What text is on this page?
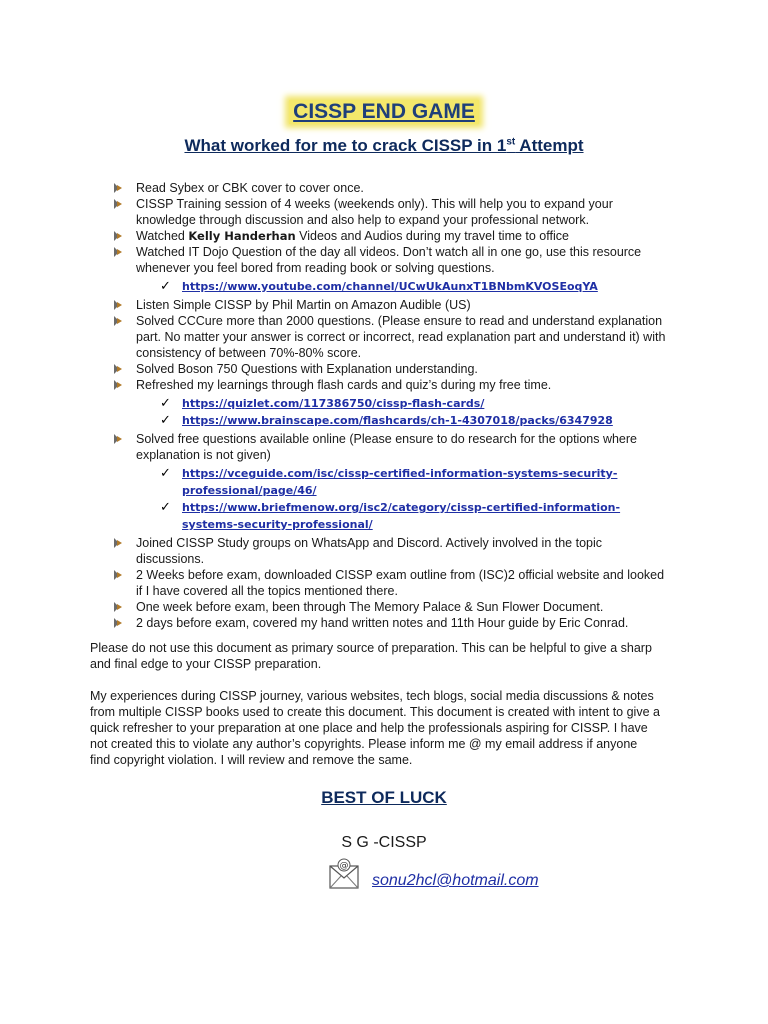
CISSP END GAME
What worked for me to crack CISSP in 1st Attempt
Read Sybex or CBK cover to cover once.
CISSP Training session of 4 weeks (weekends only). This will help you to expand your knowledge through discussion and also help to expand your professional network.
Watched Kelly Handerhan Videos and Audios during my travel time to office
Watched IT Dojo Question of the day all videos. Don’t watch all in one go, use this resource whenever you feel bored from reading book or solving questions.
✓ https://www.youtube.com/channel/UCwUkAunxT1BNbmKVOSEoqYA
Listen Simple CISSP by Phil Martin on Amazon Audible (US)
Solved CCCure more than 2000 questions. (Please ensure to read and understand explanation part. No matter your answer is correct or incorrect, read explanation part and understand it) with consistency of between 70%-80% score.
Solved Boson 750 Questions with Explanation understanding.
Refreshed my learnings through flash cards and quiz’s during my free time.
✓ https://quizlet.com/117386750/cissp-flash-cards/
✓ https://www.brainscape.com/flashcards/ch-1-4307018/packs/6347928
Solved free questions available online (Please ensure to do research for the options where explanation is not given)
✓ https://vceguide.com/isc/cissp-certified-information-systems-security-professional/page/46/
✓ https://www.briefmenow.org/isc2/category/cissp-certified-information-systems-security-professional/
Joined CISSP Study groups on WhatsApp and Discord. Actively involved in the topic discussions.
2 Weeks before exam, downloaded CISSP exam outline from (ISC)2 official website and looked if I have covered all the topics mentioned there.
One week before exam, been through The Memory Palace & Sun Flower Document.
2 days before exam, covered my hand written notes and 11th Hour guide by Eric Conrad.
Please do not use this document as primary source of preparation. This can be helpful to give a sharp and final edge to your CISSP preparation.
My experiences during CISSP journey, various websites, tech blogs, social media discussions & notes from multiple CISSP books used to create this document. This document is created with intent to give a quick refresher to your preparation at one place and help the professionals aspiring for CISSP. I have not created this to violate any author’s copyrights. Please inform me @ my email address if anyone find copyright violation. I will review and remove the same.
BEST OF LUCK
S G -CISSP
@
sonu2hcl@hotmail.com
